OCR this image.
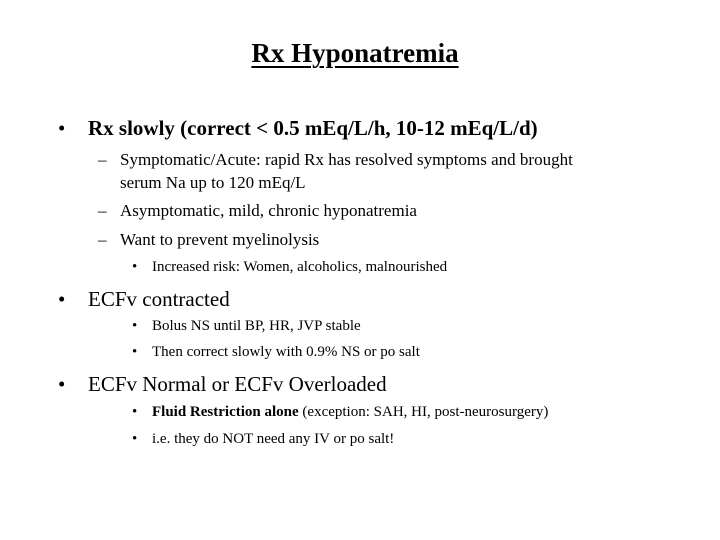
Rx Hyponatremia
• Rx slowly (correct < 0.5 mEq/L/h, 10-12 mEq/L/d)
– Symptomatic/Acute: rapid Rx has resolved symptoms and brought
serum Na up to 120 mEq/L
– Asymptomatic, mild, chronic hyponatremia
– Want to prevent myelinolysis
• Increased risk: Women, alcoholics, malnourished
• ECFv contracted
• Bolus NS until BP, HR, JVP stable
• Then correct slowly with 0.9% NS or po salt
• ECFv Normal or ECFv Overloaded
• Fluid Restriction alone (exception: SAH, HI, post-neurosurgery)
• i.e. they do NOT need any IV or po salt!
